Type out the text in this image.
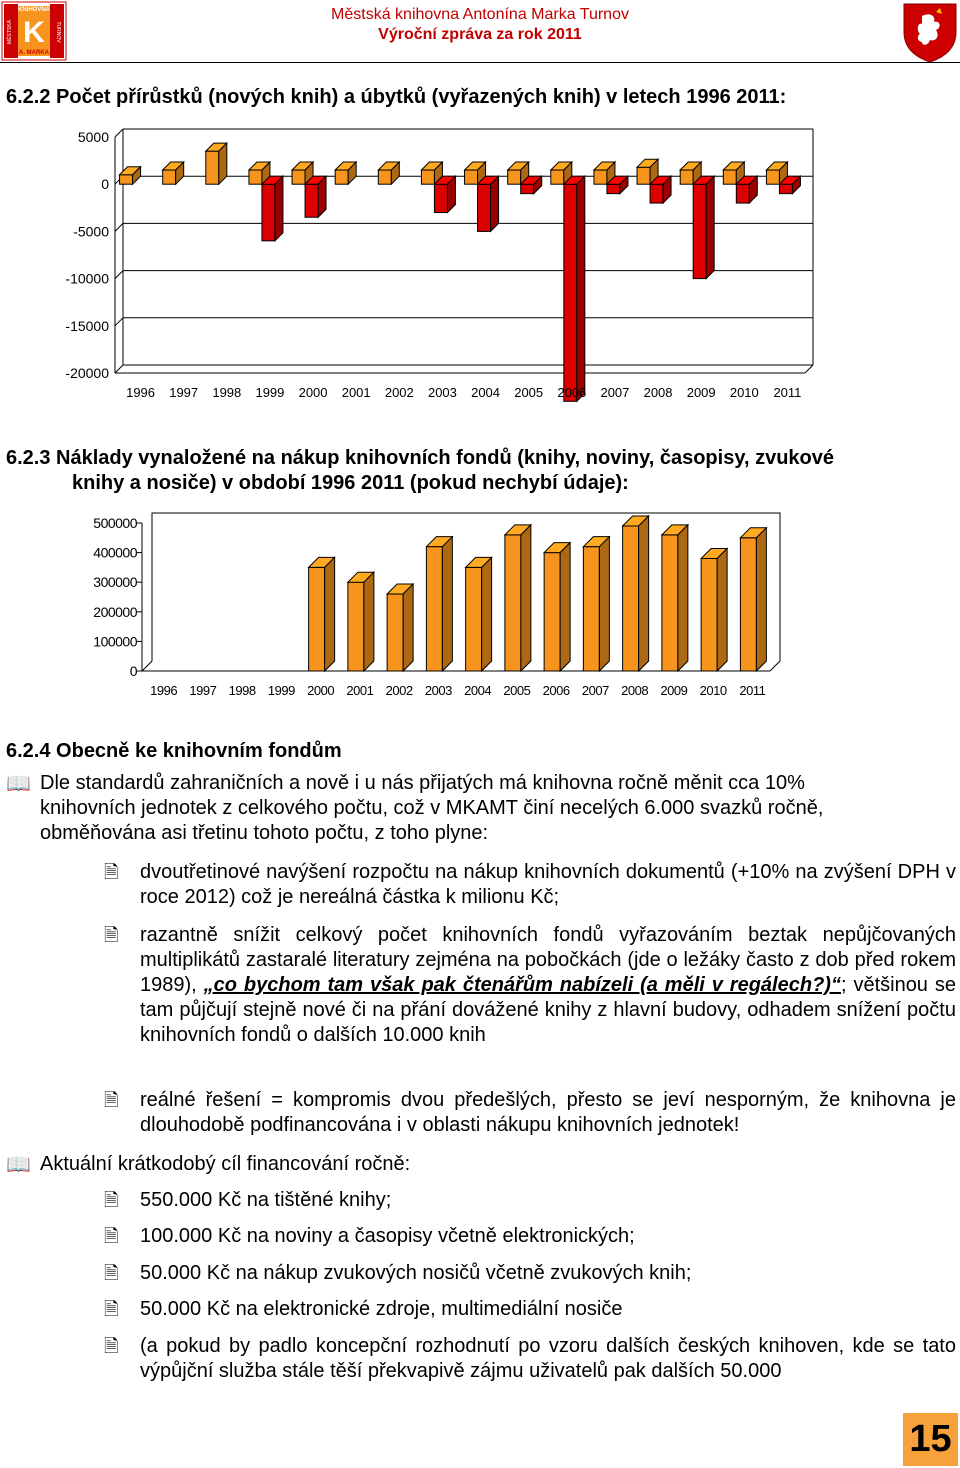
KNIHOVNA
K
A. MARKA
MĚSTSKÁ	TURNOV
Městská knihovna Antonína Marka Turnov
Výroční zpráva za rok 2011
6.2.2 Počet přírůstků (nových knih) a úbytků (vyřazených knih) v letech 1996 2011:
5000
0
-5000
-10000
-15000
-20000
1996 1997 1998 1999 2000 2001 2002 2003 2004 2005 2006 2007 2008 2009 2010 2011
6.2.3 Náklady vynaložené na nákup knihovních fondů (knihy, noviny, časopisy, zvukové
knihy a nosiče) v období 1996 2011 (pokud nechybí údaje):
500000
400000
300000
200000
100000
0
1996 1997 1998 1999 2000 2001 2002 2003 2004 2005 2006 2007 2008 2009 2010 2011
6.2.4 Obecně ke knihovním fondům
📖 Dle standardů zahraničních a nově i u nás přijatých má knihovna ročně měnit cca 10%
knihovních jednotek z celkového počtu, což v MKAMT činí necelých 6.000 svazků ročně,
obměňována asi třetinu tohoto počtu, z toho plyne:
🗎 dvoutřetinové navýšení rozpočtu na nákup knihovních dokumentů (+10% na zvýšení DPH v roce 2012) což je nereálná částka k milionu Kč;
🗎 razantně snížit celkový počet knihovních fondů vyřazováním beztak nepůjčovaných multiplikátů zastaralé literatury zejména na pobočkách (jde o ležáky často z dob před rokem 1989), „co bychom tam však pak čtenářům nabízeli (a měli v regálech?)“; většinou se tam půjčují stejně nové či na přání dovážené knihy z hlavní budovy, odhadem snížení počtu knihovních fondů o dalších 10.000 knih
🗎 reálné řešení = kompromis dvou předešlých, přesto se jeví nesporným, že knihovna je dlouhodobě podfinancována i v oblasti nákupu knihovních jednotek!
📖 Aktuální krátkodobý cíl financování ročně:
🗎 550.000 Kč na tištěné knihy;
🗎 100.000 Kč na noviny a časopisy včetně elektronických;
🗎 50.000 Kč na nákup zvukových nosičů včetně zvukových knih;
🗎 50.000 Kč na elektronické zdroje, multimediální nosiče
🗎 (a pokud by padlo koncepční rozhodnutí po vzoru dalších českých knihoven, kde se tato výpůjční služba stále těší překvapivě zájmu uživatelů pak dalších 50.000
15
